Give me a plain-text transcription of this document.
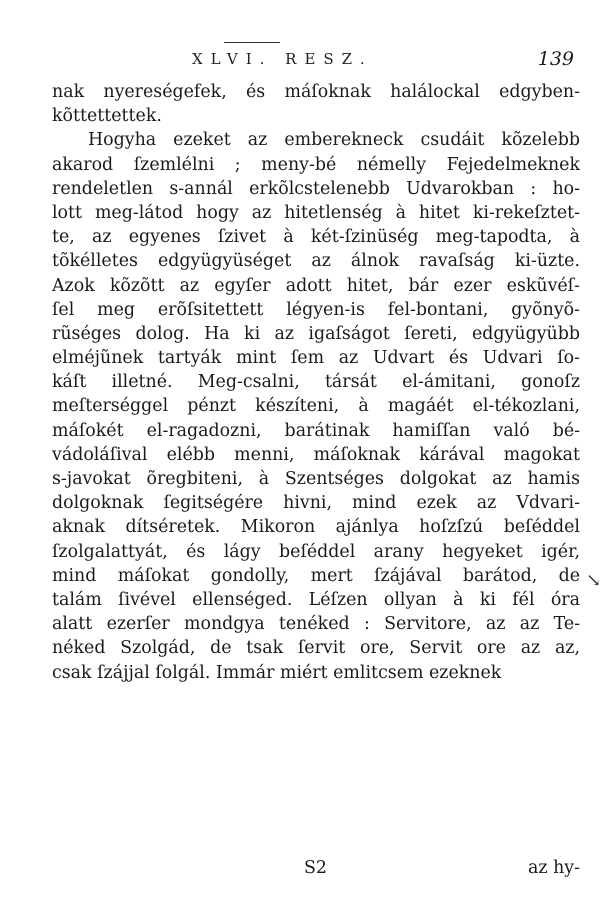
XLVI. RESZ.	139
nak nyereségefek, és máſoknak halálockal edgyben-
kõttettettek.
Hogyha ezeket az emberekneck csudáit kõzelebb
akarod ſzemlélni ; meny-bé némelly Fejedelmeknek
rendeletlen s-annál erkõlcstelenebb Udvarokban : ho-
lott meg-látod hogy az hitetlenség à hitet ki-rekeſztet-
te, az egyenes ſzivet à két-ſzinüség meg-tapodta, à
tõkélletes edgyügyüséget az álnok ravaſság ki-üzte.
Azok kõzõtt az egyſer adott hitet, bár ezer eskũvéſ-
ſel meg erõſsitettett légyen-is fel-bontani, gyõnyõ-
rũséges dolog. Ha ki az igaſságot ſereti, edgyügyübb
elméjũnek tartyák mint ſem az Udvart és Udvari ſo-
káſt illetné. Meg-csalni, társát el-ámitani, gonoſz
meſterséggel pénzt készíteni, à magáét el-tékozlani,
máſokét el-ragadozni, barátinak hamiſſan való bé-
vádoláſival elébb menni, máſoknak kárával magokat
s-javokat õregbiteni, à Szentséges dolgokat az hamis
dolgoknak ſegitségére hivni, mind ezek az Vdvari-
aknak dítséretek. Mikoron ajánlya hoſzſzú beſéddel
ſzolgalattyát, és lágy beſéddel arany hegyeket igér,
mind máſokat gondolly, mert ſzájával barátod, de
talám ſivével ellenséged. Léſzen ollyan à ki fél óra
alatt ezerſer mondgya tenéked : Servitore, az az Te-
néked Szolgád, de tsak ſervit ore, Servit ore az az,
csak ſzájjal ſolgál. Immár miért emlitcsem ezeknek
↘
S2	az hy-
